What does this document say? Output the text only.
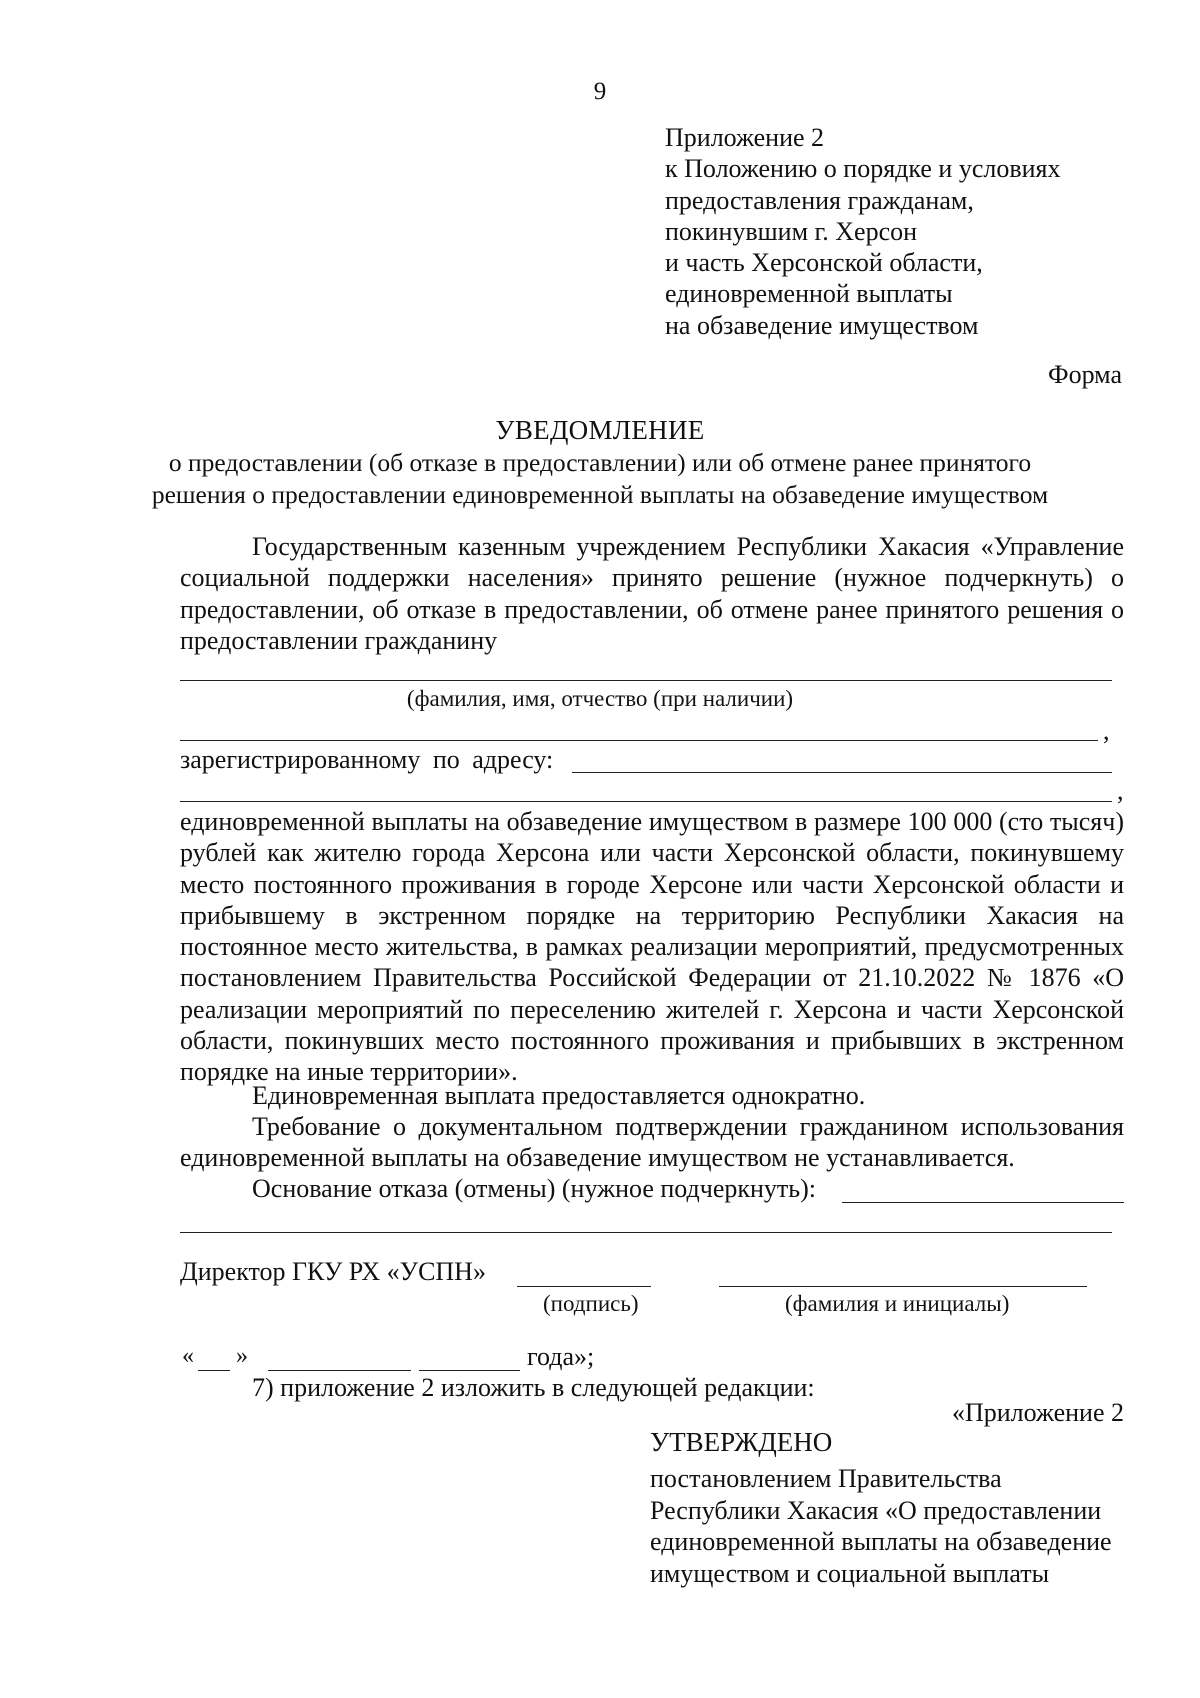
9
Приложение 2
к Положению о порядке и условиях
предоставления гражданам,
покинувшим г. Херсон
и часть Херсонской области,
единовременной выплаты
на обзаведение имуществом
Форма
УВЕДОМЛЕНИЕ
о предоставлении (об отказе в предоставлении) или об отмене ранее принятого
решения о предоставлении единовременной выплаты на обзаведение имуществом
Государственным казенным учреждением Республики Хакасия «Управление социальной поддержки населения» принято решение (нужное подчеркнуть) о предоставлении, об отказе в предоставлении, об отмене ранее принятого решения о предоставлении гражданину
(фамилия, имя, отчество (при наличии)
,
зарегистрированному по адресу:
,
единовременной выплаты на обзаведение имуществом в размере 100 000 (сто тысяч) рублей как жителю города Херсона или части Херсонской области, покинувшему место постоянного проживания в городе Херсоне или части Херсонской области и прибывшему в экстренном порядке на территорию Республики Хакасия на постоянное место жительства, в рамках реализации мероприятий, предусмотренных постановлением Правительства Российской Федерации от 21.10.2022 № 1876 «О реализации мероприятий по переселению жителей г. Херсона и части Херсонской области, покинувших место постоянного проживания и прибывших в экстренном порядке на иные территории».
Единовременная выплата предоставляется однократно.
Требование о документальном подтверждении гражданином использования единовременной выплаты на обзаведение имуществом не устанавливается.
Основание отказа (отмены) (нужное подчеркнуть):
Директор ГКУ РХ «УСПН»
(подпись)	(фамилия и инициалы)
« »	года»;
7) приложение 2 изложить в следующей редакции:
«Приложение 2
УТВЕРЖДЕНО
постановлением Правительства
Республики Хакасия «О предоставлении
единовременной выплаты на обзаведение
имуществом и социальной выплаты
